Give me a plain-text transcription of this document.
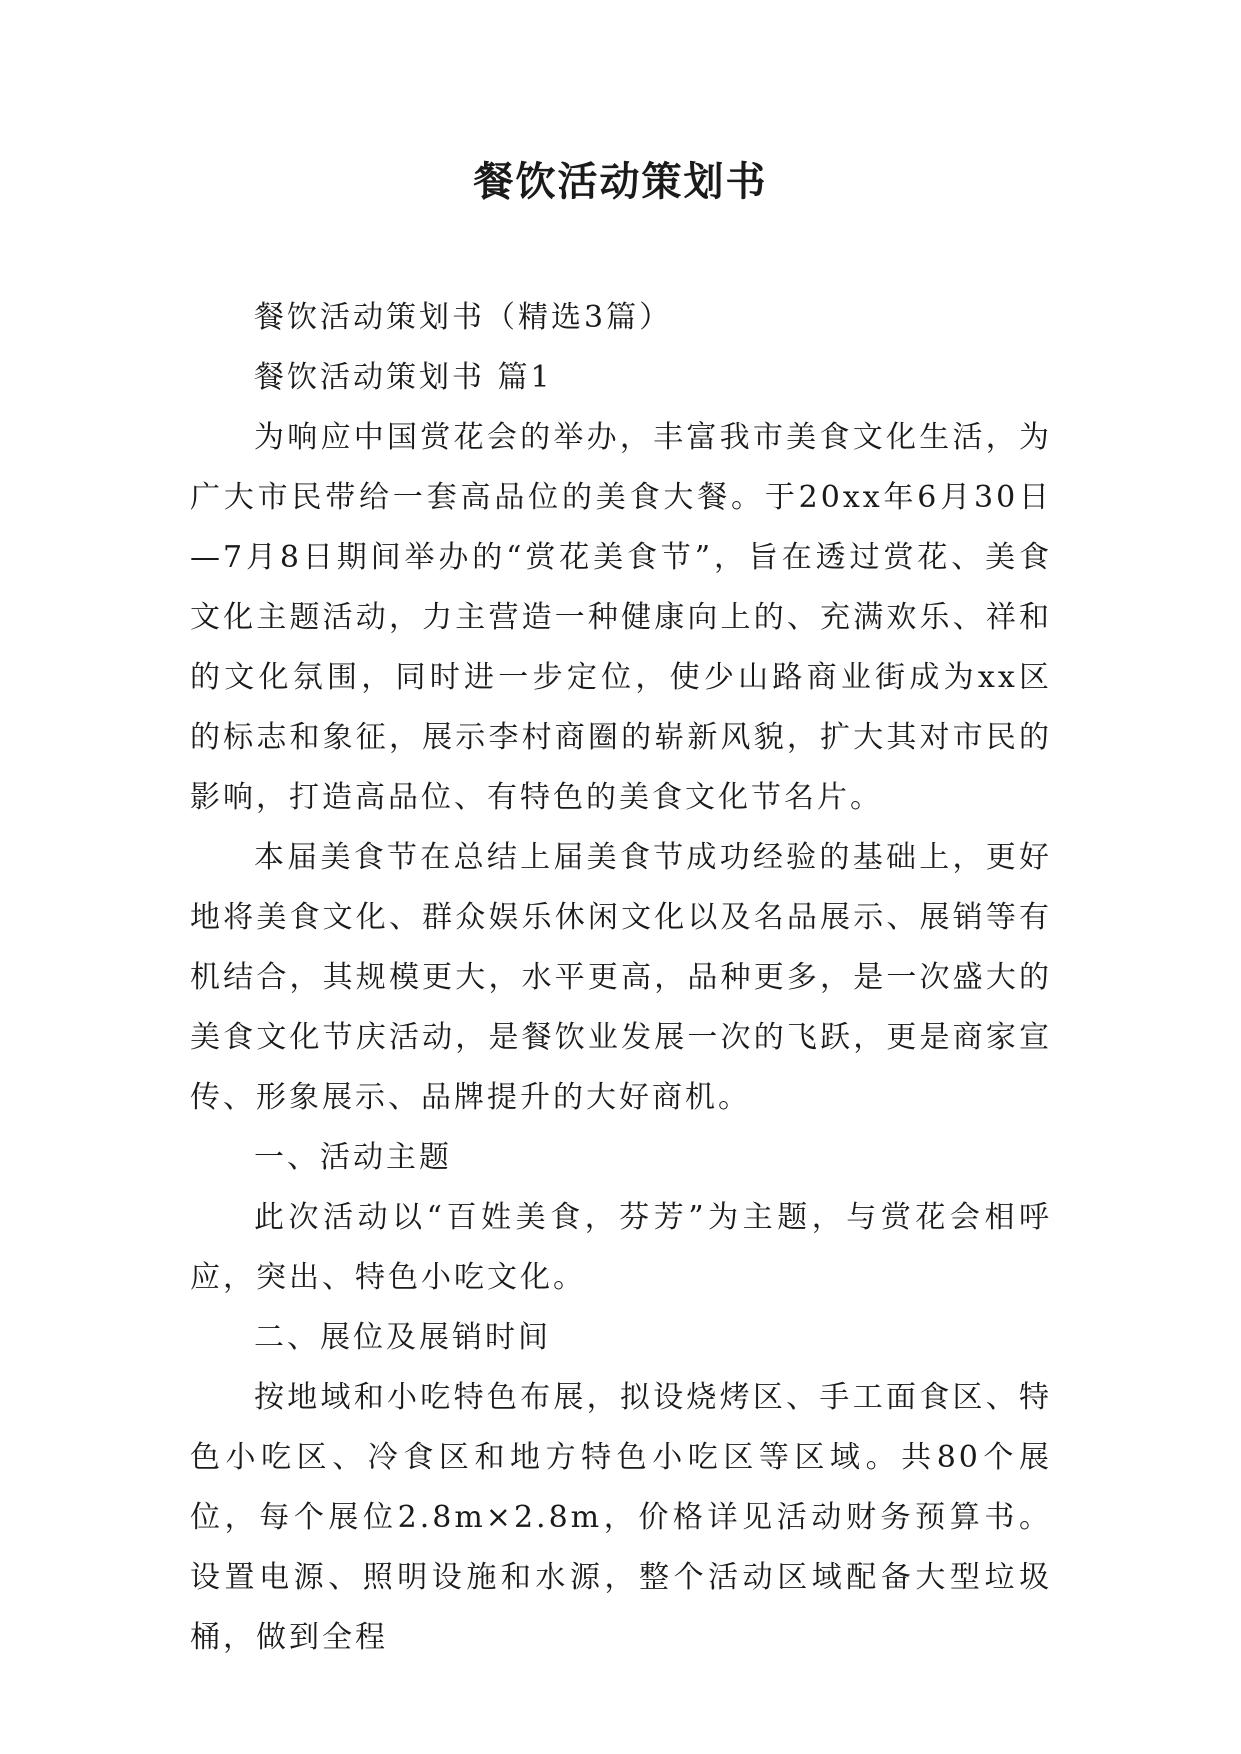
餐饮活动策划书

餐饮活动策划书（精选3篇）

餐饮活动策划书 篇1

为响应中国赏花会的举办，丰富我市美食文化生活，为广大市民带给一套高品位的美食大餐。于20xx年6月30日—7月8日期间举办的“赏花美食节”，旨在透过赏花、美食文化主题活动，力主营造一种健康向上的、充满欢乐、祥和的文化氛围，同时进一步定位，使少山路商业街成为xx区的标志和象征，展示李村商圈的崭新风貌，扩大其对市民的影响，打造高品位、有特色的美食文化节名片。

本届美食节在总结上届美食节成功经验的基础上，更好地将美食文化、群众娱乐休闲文化以及名品展示、展销等有机结合，其规模更大，水平更高，品种更多，是一次盛大的美食文化节庆活动，是餐饮业发展一次的飞跃，更是商家宣传、形象展示、品牌提升的大好商机。

一、活动主题

此次活动以“百姓美食，芬芳”为主题，与赏花会相呼应，突出、特色小吃文化。

二、展位及展销时间

按地域和小吃特色布展，拟设烧烤区、手工面食区、特色小吃区、冷食区和地方特色小吃区等区域。共80个展位，每个展位2.8m×2.8m，价格详见活动财务预算书。设置电源、照明设施和水源，整个活动区域配备大型垃圾桶，做到全程
